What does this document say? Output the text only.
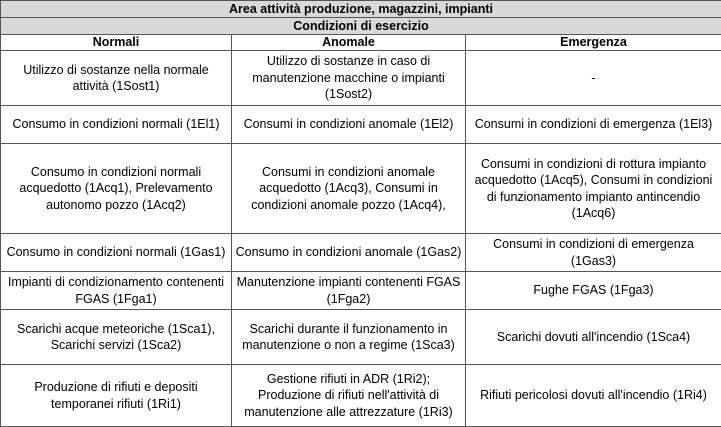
Area attività produzione, magazzini, impianti		
Condizioni di esercizio		
Normali	Anomale	Emergenza
Utilizzo di sostanze nella normale attività (1Sost1)	Utilizzo di sostanze in caso di manutenzione macchine o impianti (1Sost2)	-
Consumo in condizioni normali (1El1)	Consumi in condizioni anomale (1El2)	Consumi in condizioni di emergenza (1El3)
Consumo in condizioni normali acquedotto (1Acq1), Prelevamento autonomo pozzo (1Acq2)	Consumi in condizioni anomale acquedotto (1Acq3), Consumi in condizioni anomale pozzo (1Acq4),	Consumi in condizioni di rottura impianto acquedotto (1Acq5), Consumi in condizioni di funzionamento impianto antincendio (1Acq6)
Consumo in condizioni normali (1Gas1)	Consumo in condizioni anomale (1Gas2)	Consumi in condizioni di emergenza (1Gas3)
Impianti di condizionamento contenenti FGAS (1Fga1)	Manutenzione impianti contenenti FGAS (1Fga2)	Fughe FGAS (1Fga3)
Scarichi acque meteoriche (1Sca1), Scarichi servizi (1Sca2)	Scarichi durante il funzionamento in manutenzione o non a regime (1Sca3)	Scarichi dovuti all'incendio (1Sca4)
Produzione di rifiuti e depositi temporanei rifiuti (1Ri1)	Gestione rifiuti in ADR (1Ri2); Produzione di rifiuti nell'attività di manutenzione alle attrezzature (1Ri3)	Rifiuti pericolosi dovuti all'incendio (1Ri4)
